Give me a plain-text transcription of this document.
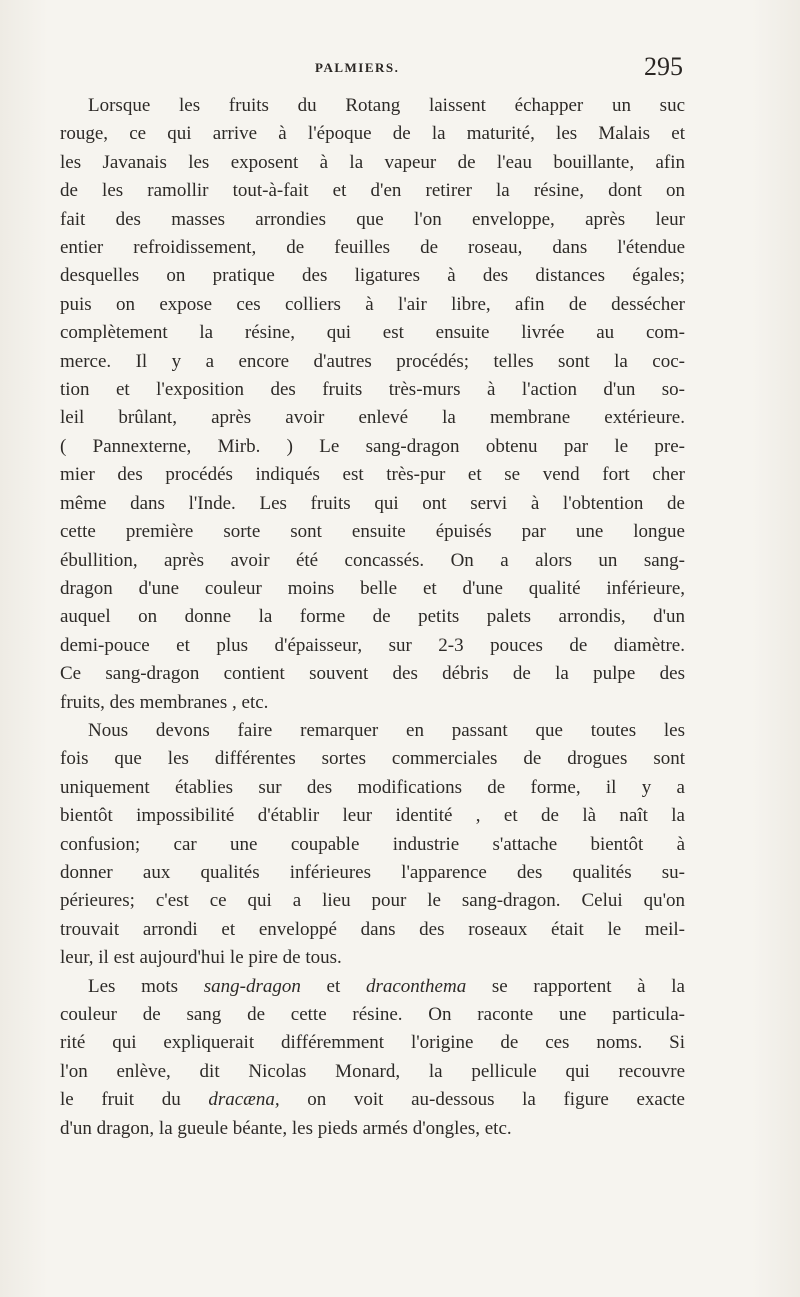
PALMIERS.	295

Lorsque les fruits du Rotang laissent échapper un suc
rouge, ce qui arrive à l'époque de la maturité, les Malais et
les Javanais les exposent à la vapeur de l'eau bouillante, afin
de les ramollir tout-à-fait et d'en retirer la résine, dont on
fait des masses arrondies que l'on enveloppe, après leur
entier refroidissement, de feuilles de roseau, dans l'étendue
desquelles on pratique des ligatures à des distances égales;
puis on expose ces colliers à l'air libre, afin de dessécher
complètement la résine, qui est ensuite livrée au com-
merce. Il y a encore d'autres procédés; telles sont la coc-
tion et l'exposition des fruits très-murs à l'action d'un so-
leil brûlant, après avoir enlevé la membrane extérieure.
( Pannexterne, Mirb. ) Le sang-dragon obtenu par le pre-
mier des procédés indiqués est très-pur et se vend fort cher
même dans l'Inde. Les fruits qui ont servi à l'obtention de
cette première sorte sont ensuite épuisés par une longue
ébullition, après avoir été concassés. On a alors un sang-
dragon d'une couleur moins belle et d'une qualité inférieure,
auquel on donne la forme de petits palets arrondis, d'un
demi-pouce et plus d'épaisseur, sur 2-3 pouces de diamètre.
Ce sang-dragon contient souvent des débris de la pulpe des
fruits, des membranes , etc.

Nous devons faire remarquer en passant que toutes les
fois que les différentes sortes commerciales de drogues sont
uniquement établies sur des modifications de forme, il y a
bientôt impossibilité d'établir leur identité , et de là naît la
confusion; car une coupable industrie s'attache bientôt à
donner aux qualités inférieures l'apparence des qualités su-
périeures; c'est ce qui a lieu pour le sang-dragon. Celui qu'on
trouvait arrondi et enveloppé dans des roseaux était le meil-
leur, il est aujourd'hui le pire de tous.

Les mots sang-dragon et draconthema se rapportent à la
couleur de sang de cette résine. On raconte une particula-
rité qui expliquerait différemment l'origine de ces noms. Si
l'on enlève, dit Nicolas Monard, la pellicule qui recouvre
le fruit du dracæna, on voit au-dessous la figure exacte
d'un dragon, la gueule béante, les pieds armés d'ongles, etc.
